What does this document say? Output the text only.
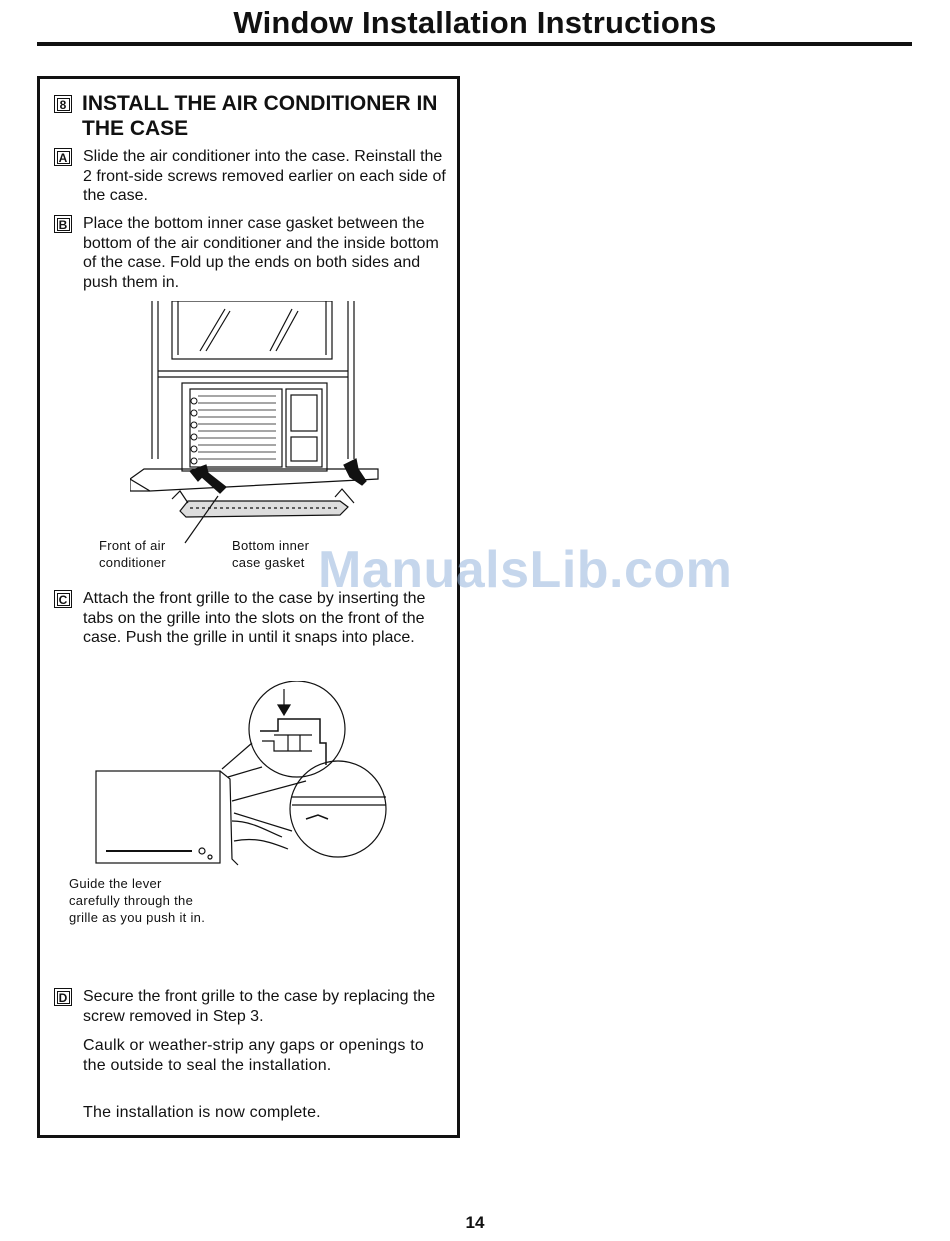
Window Installation Instructions
8 INSTALL THE AIR CONDITIONER IN THE CASE
A Slide the air conditioner into the case. Reinstall the 2 front-side screws removed earlier on each side of the case.
B Place the bottom inner case gasket between the bottom of the air conditioner and the inside bottom of the case. Fold up the ends on both sides and push them in.
Front of air
conditioner
Bottom inner
case gasket
C Attach the front grille to the case by inserting the tabs on the grille into the slots on the front of the case. Push the grille in until it snaps into place.
Guide the lever
carefully through the
grille as you push it in.
D Secure the front grille to the case by replacing the screw removed in Step 3.
Caulk or weather-strip any gaps or openings to the outside to seal the installation.
The installation is now complete.
ManualsLib.com
14
